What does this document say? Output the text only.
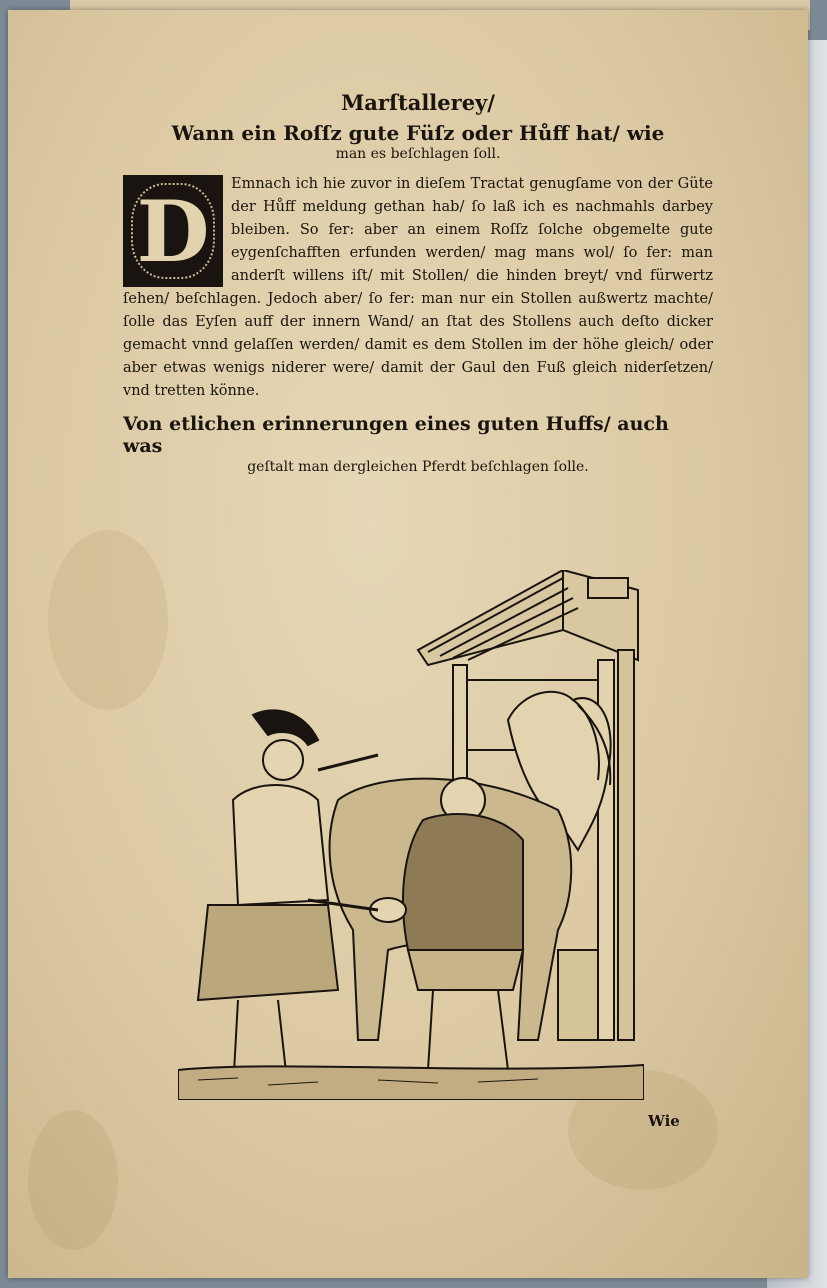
Marſtallerey/

Wann ein Roſſz gute Füſz oder Hůff hat/ wie

man es beſchlagen ſoll.

D	Emnach ich hie zuvor in dieſem Tractat genugſame von der Güte der Hůff meldung gethan hab/ ſo laß ich es nachmahls darbey bleiben. So fer: aber an einem Roſſz ſolche obgemelte gute eygenſchafften erfunden werden/ mag mans wol/ ſo fer: man anderſt willens iſt/ mit Stollen/ die hinden breyt/ vnd fürwertz ſehen/ beſchlagen. Jedoch aber/ ſo fer: man nur ein Stollen außwertz machte/ ſolle das Eyſen auff der innern Wand/ an ſtat des Stollens auch deſto dicker gemacht vnnd gelaſſen werden/ damit es dem Stollen im der höhe gleich/ oder aber etwas wenigs niderer were/ damit der Gaul den Fuß gleich niderſetzen/ vnd tretten könne.

Von etlichen erinnerungen eines guten Huffs/ auch was

geſtalt man dergleichen Pferdt beſchlagen ſolle.

Wie
